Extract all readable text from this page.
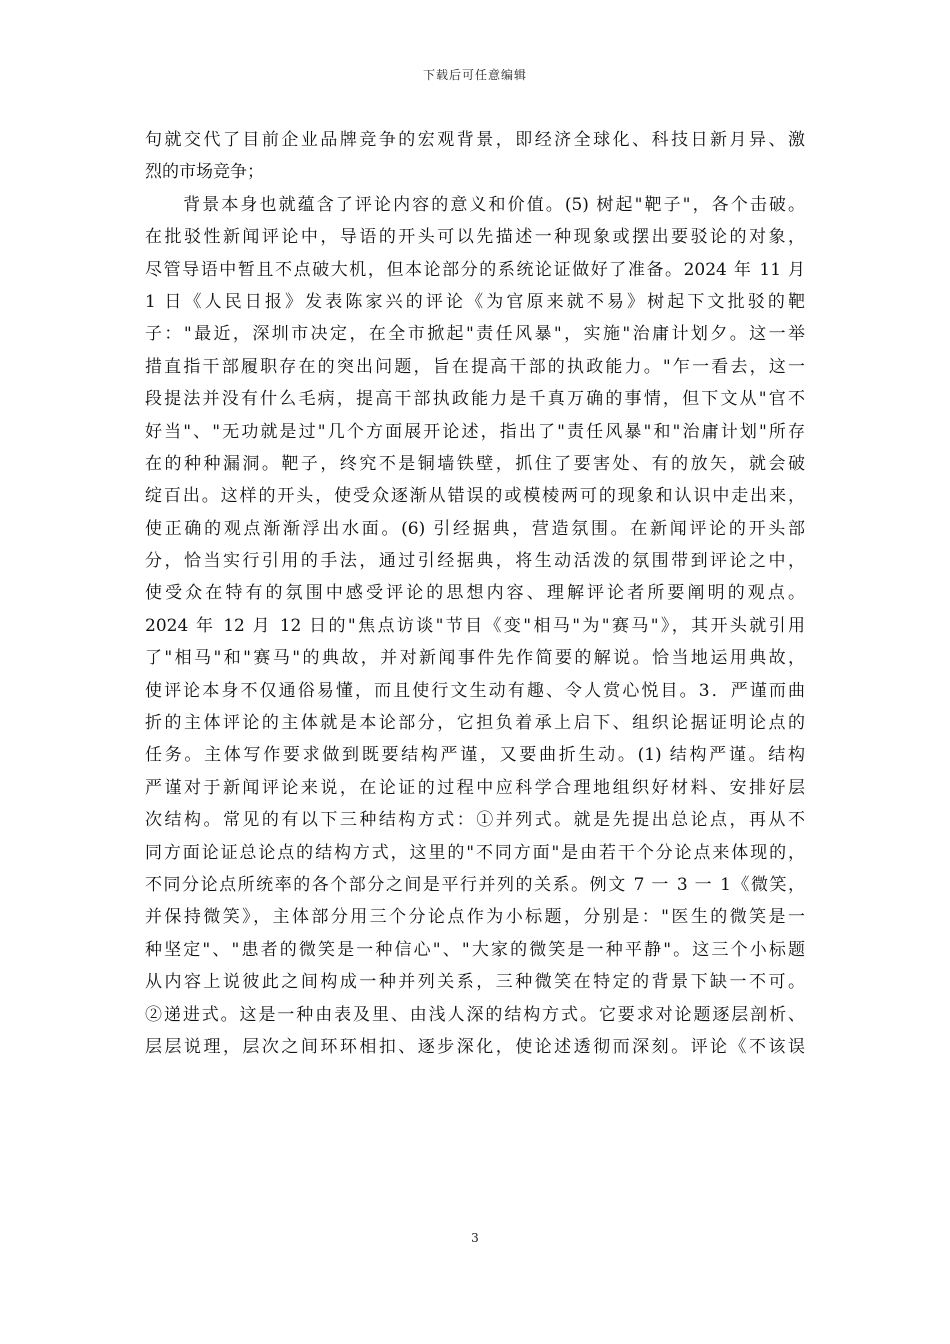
下载后可任意编辑
句就交代了目前企业品牌竞争的宏观背景，即经济全球化、科技日新月异、激
烈的市场竞争；
　　背景本身也就蕴含了评论内容的意义和价值。(5) 树起"靶子"，各个击破。
在批驳性新闻评论中，导语的开头可以先描述一种现象或摆出要驳论的对象，
尽管导语中暂且不点破大机，但本论部分的系统论证做好了准备。2024 年 11 月
1 日《人民日报》发表陈家兴的评论《为官原来就不易》树起下文批驳的靶
子："最近，深圳市决定，在全市掀起"责任风暴"，实施"治庸计划夕。这一举
措直指干部履职存在的突出问题，旨在提高干部的执政能力。"乍一看去，这一
段提法并没有什么毛病，提高干部执政能力是千真万确的事情，但下文从"官不
好当"、"无功就是过"几个方面展开论述，指出了"责任风暴"和"治庸计划"所存
在的种种漏洞。靶子，终究不是铜墙铁壁，抓住了要害处、有的放矢，就会破
绽百出。这样的开头，使受众逐渐从错误的或模棱两可的现象和认识中走出来，
使正确的观点渐渐浮出水面。(6) 引经据典，营造氛围。在新闻评论的开头部
分，恰当实行引用的手法，通过引经据典，将生动活泼的氛围带到评论之中，
使受众在特有的氛围中感受评论的思想内容、理解评论者所要阐明的观点。
2024 年 12 月 12 日的"焦点访谈"节目《变"相马"为"赛马"》，其开头就引用
了"相马"和"赛马"的典故，并对新闻事件先作简要的解说。恰当地运用典故，
使评论本身不仅通俗易懂，而且使行文生动有趣、令人赏心悦目。3．严谨而曲
折的主体评论的主体就是本论部分，它担负着承上启下、组织论据证明论点的
任务。主体写作要求做到既要结构严谨，又要曲折生动。(1) 结构严谨。结构
严谨对于新闻评论来说，在论证的过程中应科学合理地组织好材料、安排好层
次结构。常见的有以下三种结构方式：①并列式。就是先提出总论点，再从不
同方面论证总论点的结构方式，这里的"不同方面"是由若干个分论点来体现的，
不同分论点所统率的各个部分之间是平行并列的关系。例文 7 一 3 一 1《微笑，
并保持微笑》，主体部分用三个分论点作为小标题，分别是："医生的微笑是一
种坚定"、"患者的微笑是一种信心"、"大家的微笑是一种平静"。这三个小标题
从内容上说彼此之间构成一种并列关系，三种微笑在特定的背景下缺一不可。
②递进式。这是一种由表及里、由浅人深的结构方式。它要求对论题逐层剖析、
层层说理，层次之间环环相扣、逐步深化，使论述透彻而深刻。评论《不该误
3
